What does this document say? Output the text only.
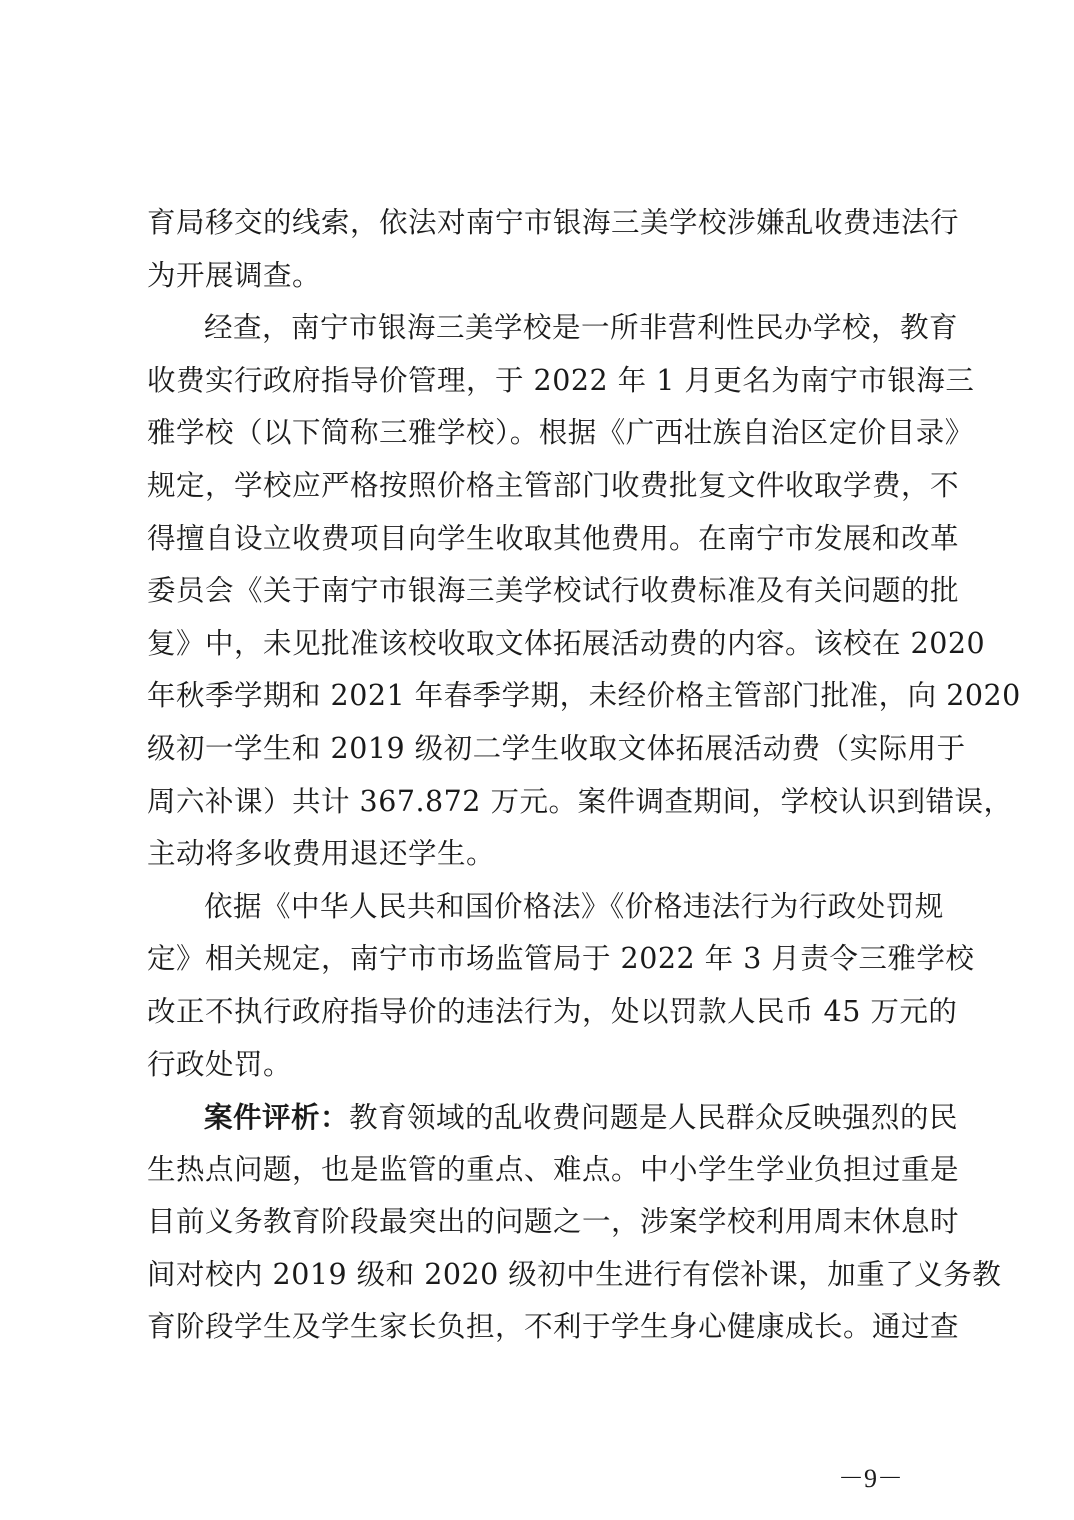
育局移交的线索，依法对南宁市银海三美学校涉嫌乱收费违法行
为开展调查。
经查，南宁市银海三美学校是一所非营利性民办学校，教育
收费实行政府指导价管理，于 2022 年 1 月更名为南宁市银海三
雅学校（以下简称三雅学校）。根据《广西壮族自治区定价目录》
规定，学校应严格按照价格主管部门收费批复文件收取学费，不
得擅自设立收费项目向学生收取其他费用。在南宁市发展和改革
委员会《关于南宁市银海三美学校试行收费标准及有关问题的批
复》中，未见批准该校收取文体拓展活动费的内容。该校在 2020
年秋季学期和 2021 年春季学期，未经价格主管部门批准，向 2020
级初一学生和 2019 级初二学生收取文体拓展活动费（实际用于
周六补课）共计 367.872 万元。案件调查期间，学校认识到错误，
主动将多收费用退还学生。
依据《中华人民共和国价格法》《价格违法行为行政处罚规
定》相关规定，南宁市市场监管局于 2022 年 3 月责令三雅学校
改正不执行政府指导价的违法行为，处以罚款人民币 45 万元的
行政处罚。
案件评析：教育领域的乱收费问题是人民群众反映强烈的民
生热点问题，也是监管的重点、难点。中小学生学业负担过重是
目前义务教育阶段最突出的问题之一，涉案学校利用周末休息时
间对校内 2019 级和 2020 级初中生进行有偿补课，加重了义务教
育阶段学生及学生家长负担，不利于学生身心健康成长。通过查
－9－
